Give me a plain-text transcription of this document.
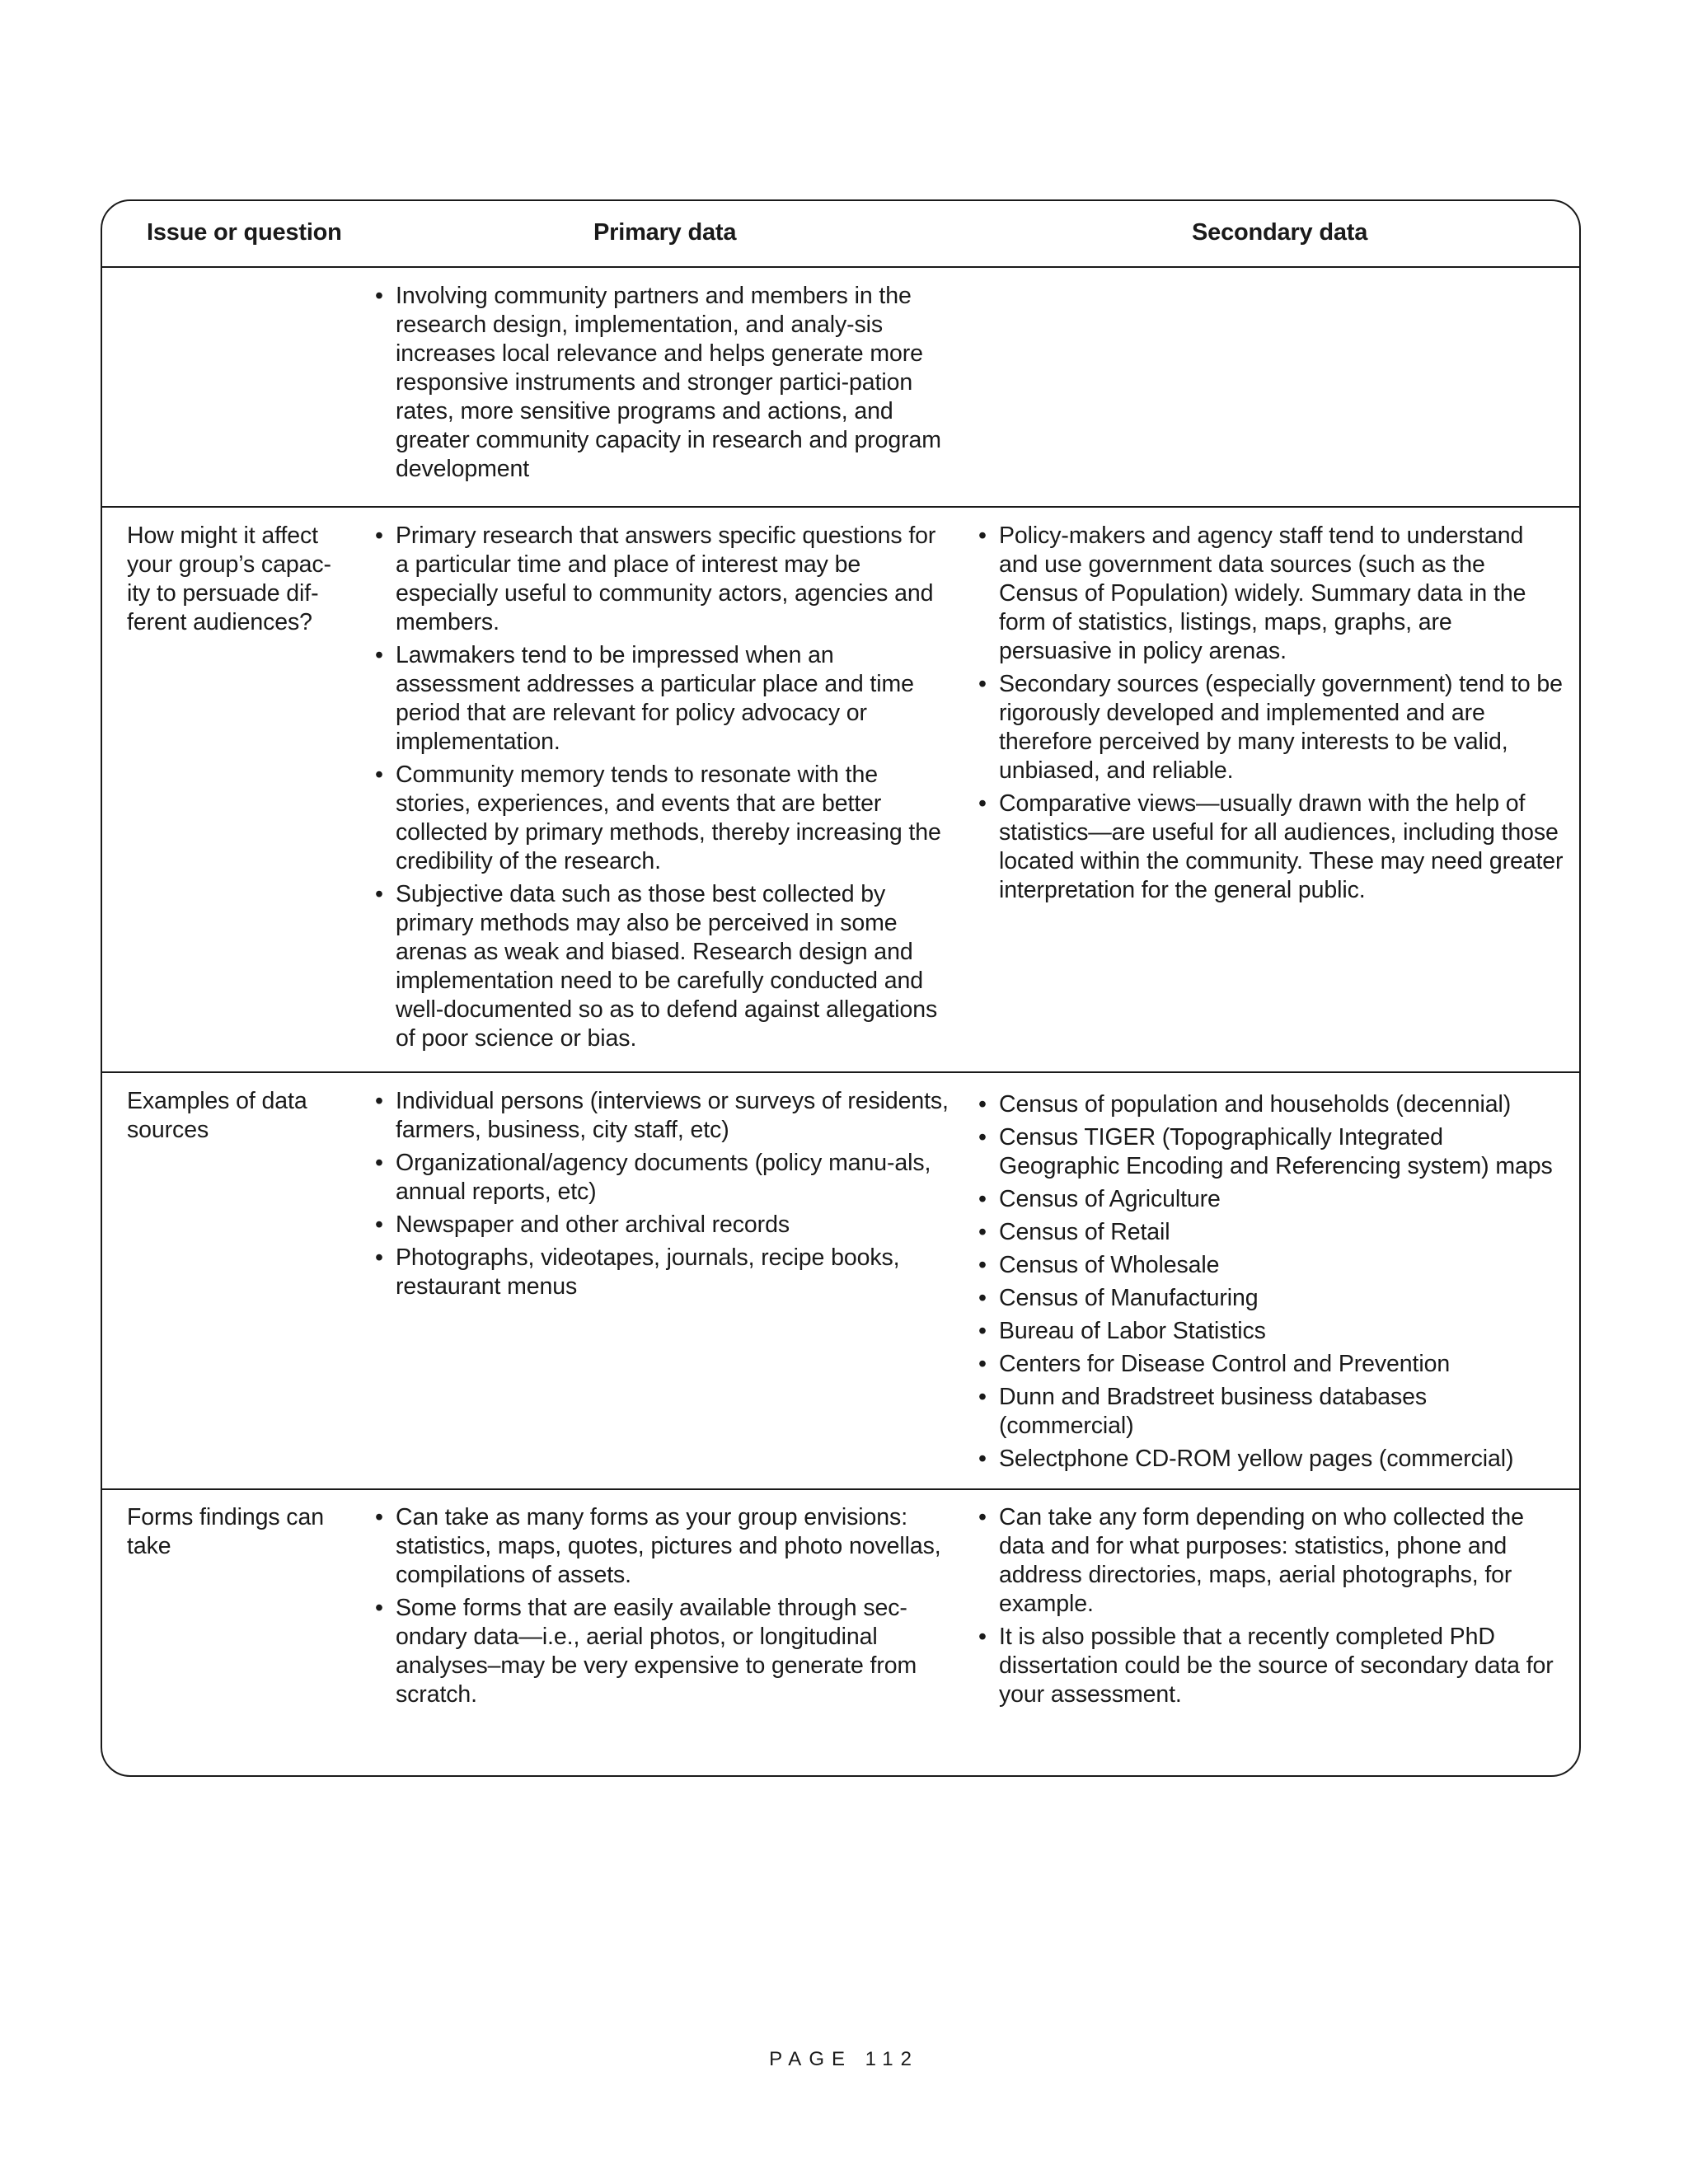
Issue or question	Primary data	Secondary data
• Involving community partners and members in the research design, implementation, and analy-sis increases local relevance and helps generate more responsive instruments and stronger partici-pation rates, more sensitive programs and actions, and greater community capacity in research and program development
How might it affect your group’s capac-ity to persuade dif-ferent audiences?
• Primary research that answers specific questions for a particular time and place of interest may be especially useful to community actors, agencies and members.
• Lawmakers tend to be impressed when an assessment addresses a particular place and time period that are relevant for policy advocacy or implementation.
• Community memory tends to resonate with the stories, experiences, and events that are better collected by primary methods, thereby increasing the credibility of the research.
• Subjective data such as those best collected by primary methods may also be perceived in some arenas as weak and biased. Research design and implementation need to be carefully conducted and well-documented so as to defend against allegations of poor science or bias.
• Policy-makers and agency staff tend to understand and use government data sources (such as the Census of Population) widely. Summary data in the form of statistics, listings, maps, graphs, are persuasive in policy arenas.
• Secondary sources (especially government) tend to be rigorously developed and implemented and are therefore perceived by many interests to be valid, unbiased, and reliable.
• Comparative views—usually drawn with the help of statistics—are useful for all audiences, including those located within the community. These may need greater interpretation for the general public.
Examples of data sources
• Individual persons (interviews or surveys of residents, farmers, business, city staff, etc)
• Organizational/agency documents (policy manu-als, annual reports, etc)
• Newspaper and other archival records
• Photographs, videotapes, journals, recipe books, restaurant menus
• Census of population and households (decennial)
• Census TIGER (Topographically Integrated Geographic Encoding and Referencing system) maps
• Census of Agriculture
• Census of Retail
• Census of Wholesale
• Census of Manufacturing
• Bureau of Labor Statistics
• Centers for Disease Control and Prevention
• Dunn and Bradstreet business databases (commercial)
• Selectphone CD-ROM yellow pages (commercial)
Forms findings can take
• Can take as many forms as your group envisions: statistics, maps, quotes, pictures and photo novellas, compilations of assets.
• Some forms that are easily available through sec-ondary data—i.e., aerial photos, or longitudinal analyses–may be very expensive to generate from scratch.
• Can take any form depending on who collected the data and for what purposes: statistics, phone and address directories, maps, aerial photographs, for example.
• It is also possible that a recently completed PhD dissertation could be the source of secondary data for your assessment.
PAGE 112
